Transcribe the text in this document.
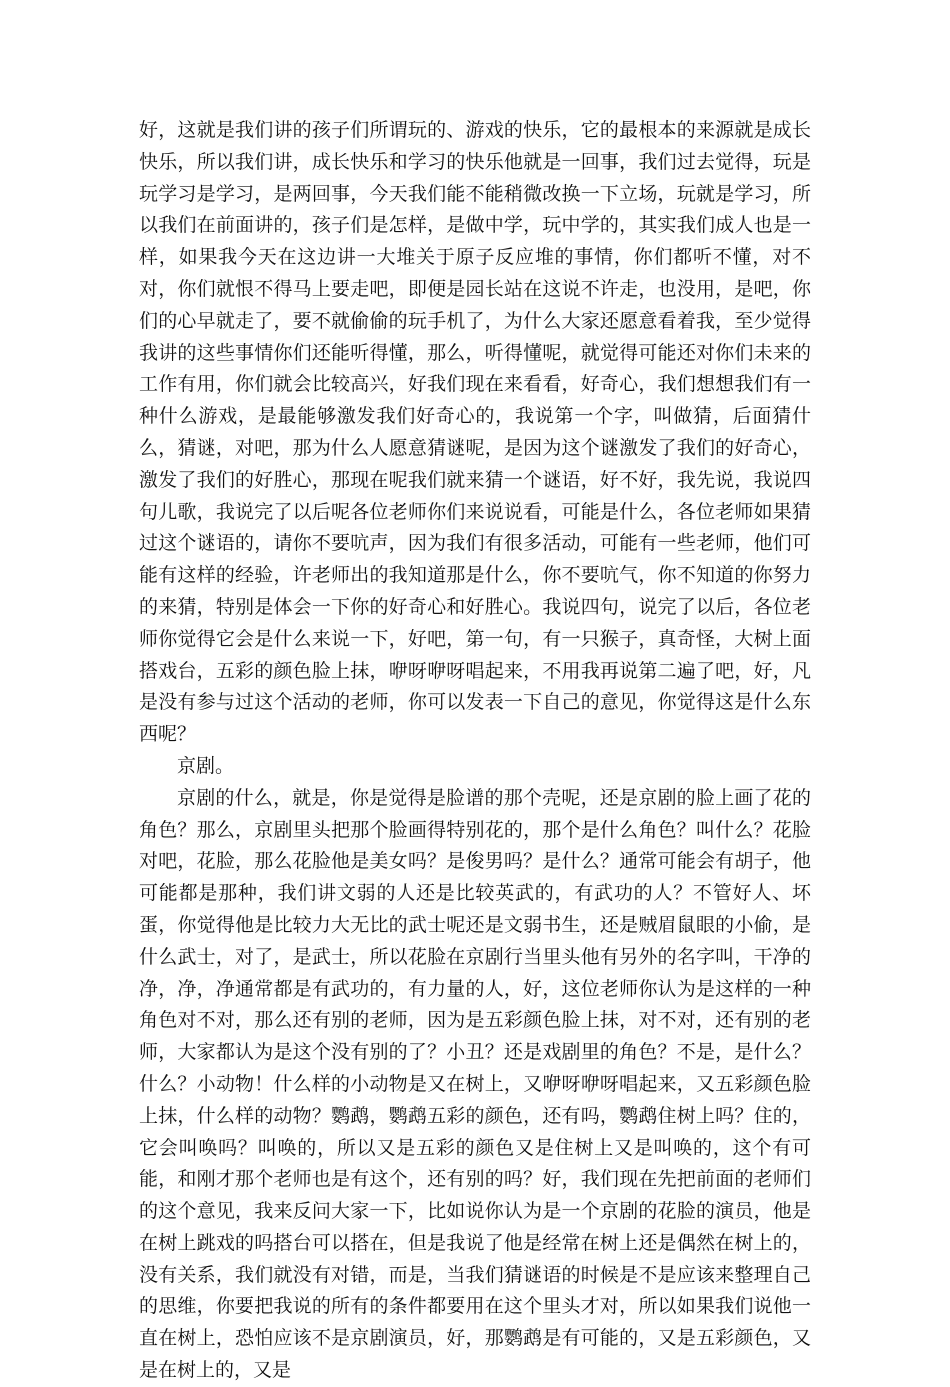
好，这就是我们讲的孩子们所谓玩的、游戏的快乐，它的最根本的来源就是成长快乐，所以我们讲，成长快乐和学习的快乐他就是一回事，我们过去觉得，玩是玩学习是学习，是两回事，今天我们能不能稍微改换一下立场，玩就是学习，所以我们在前面讲的，孩子们是怎样，是做中学，玩中学的，其实我们成人也是一样，如果我今天在这边讲一大堆关于原子反应堆的事情，你们都听不懂，对不对，你们就恨不得马上要走吧，即便是园长站在这说不许走，也没用，是吧，你们的心早就走了，要不就偷偷的玩手机了，为什么大家还愿意看着我，至少觉得我讲的这些事情你们还能听得懂，那么，听得懂呢，就觉得可能还对你们未来的工作有用，你们就会比较高兴，好我们现在来看看，好奇心，我们想想我们有一种什么游戏，是最能够激发我们好奇心的，我说第一个字，叫做猜，后面猜什么，猜谜，对吧，那为什么人愿意猜谜呢，是因为这个谜激发了我们的好奇心，激发了我们的好胜心，那现在呢我们就来猜一个谜语，好不好，我先说，我说四句儿歌，我说完了以后呢各位老师你们来说说看，可能是什么，各位老师如果猜过这个谜语的，请你不要吭声，因为我们有很多活动，可能有一些老师，他们可能有这样的经验，许老师出的我知道那是什么，你不要吭气，你不知道的你努力的来猜，特别是体会一下你的好奇心和好胜心。我说四句，说完了以后，各位老师你觉得它会是什么来说一下，好吧，第一句，有一只猴子，真奇怪，大树上面搭戏台，五彩的颜色脸上抹，咿呀咿呀唱起来，不用我再说第二遍了吧，好，凡是没有参与过这个活动的老师，你可以发表一下自己的意见，你觉得这是什么东西呢？

京剧。

京剧的什么，就是，你是觉得是脸谱的那个壳呢，还是京剧的脸上画了花的角色？那么，京剧里头把那个脸画得特别花的，那个是什么角色？叫什么？花脸对吧，花脸，那么花脸他是美女吗？是俊男吗？是什么？通常可能会有胡子，他可能都是那种，我们讲文弱的人还是比较英武的，有武功的人？不管好人、坏蛋，你觉得他是比较力大无比的武士呢还是文弱书生，还是贼眉鼠眼的小偷，是什么武士，对了，是武士，所以花脸在京剧行当里头他有另外的名字叫，干净的净，净，净通常都是有武功的，有力量的人，好，这位老师你认为是这样的一种角色对不对，那么还有别的老师，因为是五彩颜色脸上抹，对不对，还有别的老师，大家都认为是这个没有别的了？小丑？还是戏剧里的角色？不是，是什么？什么？小动物！什么样的小动物是又在树上，又咿呀咿呀唱起来，又五彩颜色脸上抹，什么样的动物？鹦鹉，鹦鹉五彩的颜色，还有吗，鹦鹉住树上吗？住的，它会叫唤吗？叫唤的，所以又是五彩的颜色又是住树上又是叫唤的，这个有可能，和刚才那个老师也是有这个，还有别的吗？好，我们现在先把前面的老师们的这个意见，我来反问大家一下，比如说你认为是一个京剧的花脸的演员，他是在树上跳戏的吗搭台可以搭在，但是我说了他是经常在树上还是偶然在树上的，没有关系，我们就没有对错，而是，当我们猜谜语的时候是不是应该来整理自己的思维，你要把我说的所有的条件都要用在这个里头才对，所以如果我们说他一直在树上，恐怕应该不是京剧演员，好，那鹦鹉是有可能的，又是五彩颜色，又是在树上的，又是
